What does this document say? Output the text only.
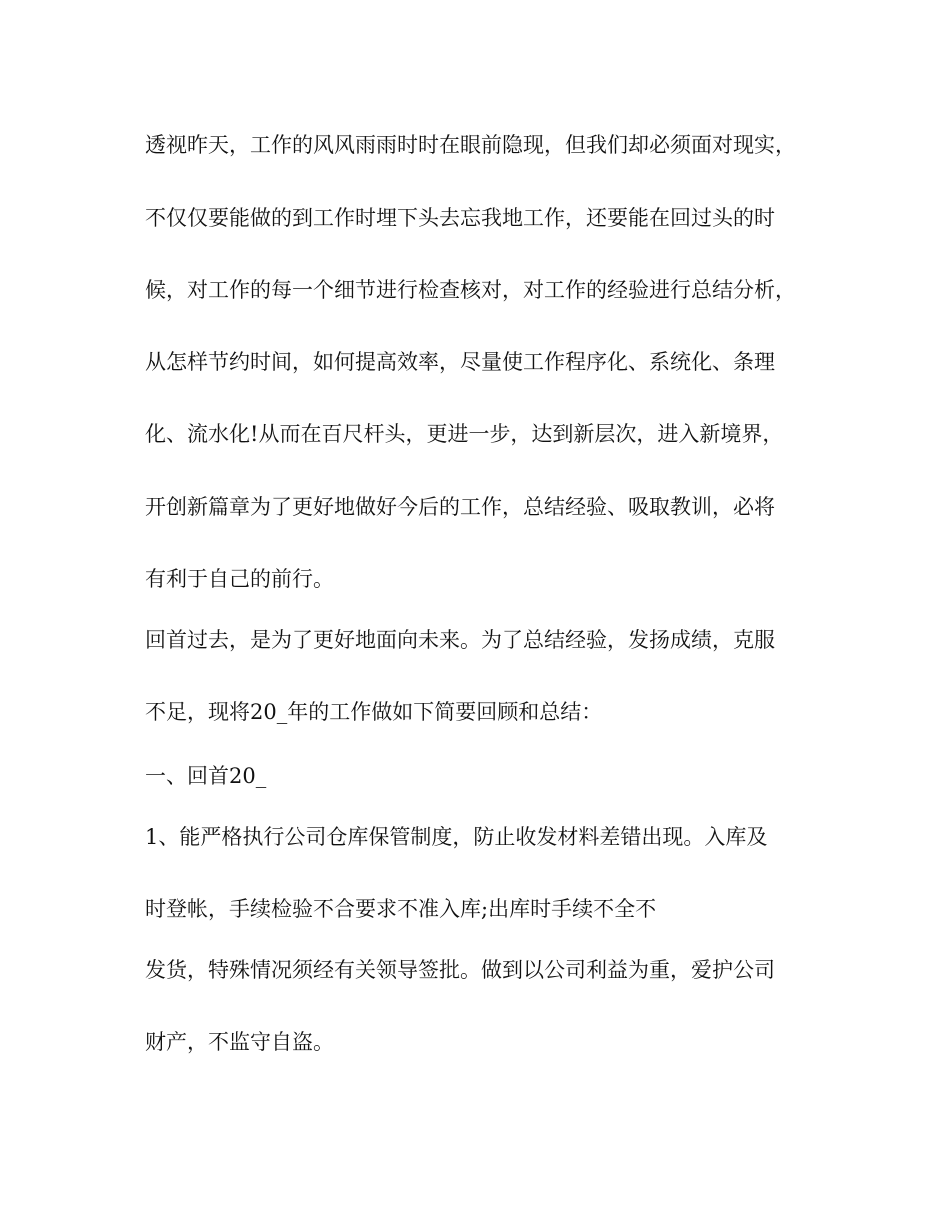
透视昨天，工作的风风雨雨时时在眼前隐现，但我们却必须面对现实，
不仅仅要能做的到工作时埋下头去忘我地工作，还要能在回过头的时
候，对工作的每一个细节进行检查核对，对工作的经验进行总结分析，
从怎样节约时间，如何提高效率，尽量使工作程序化、系统化、条理
化、流水化!从而在百尺杆头，更进一步，达到新层次，进入新境界，
开创新篇章为了更好地做好今后的工作，总结经验、吸取教训，必将
有利于自己的前行。
回首过去，是为了更好地面向未来。为了总结经验，发扬成绩，克服
不足，现将20_年的工作做如下简要回顾和总结：
一、回首20_
1、能严格执行公司仓库保管制度，防止收发材料差错出现。入库及
时登帐，手续检验不合要求不准入库;出库时手续不全不
发货，特殊情况须经有关领导签批。做到以公司利益为重，爱护公司
财产，不监守自盗。
